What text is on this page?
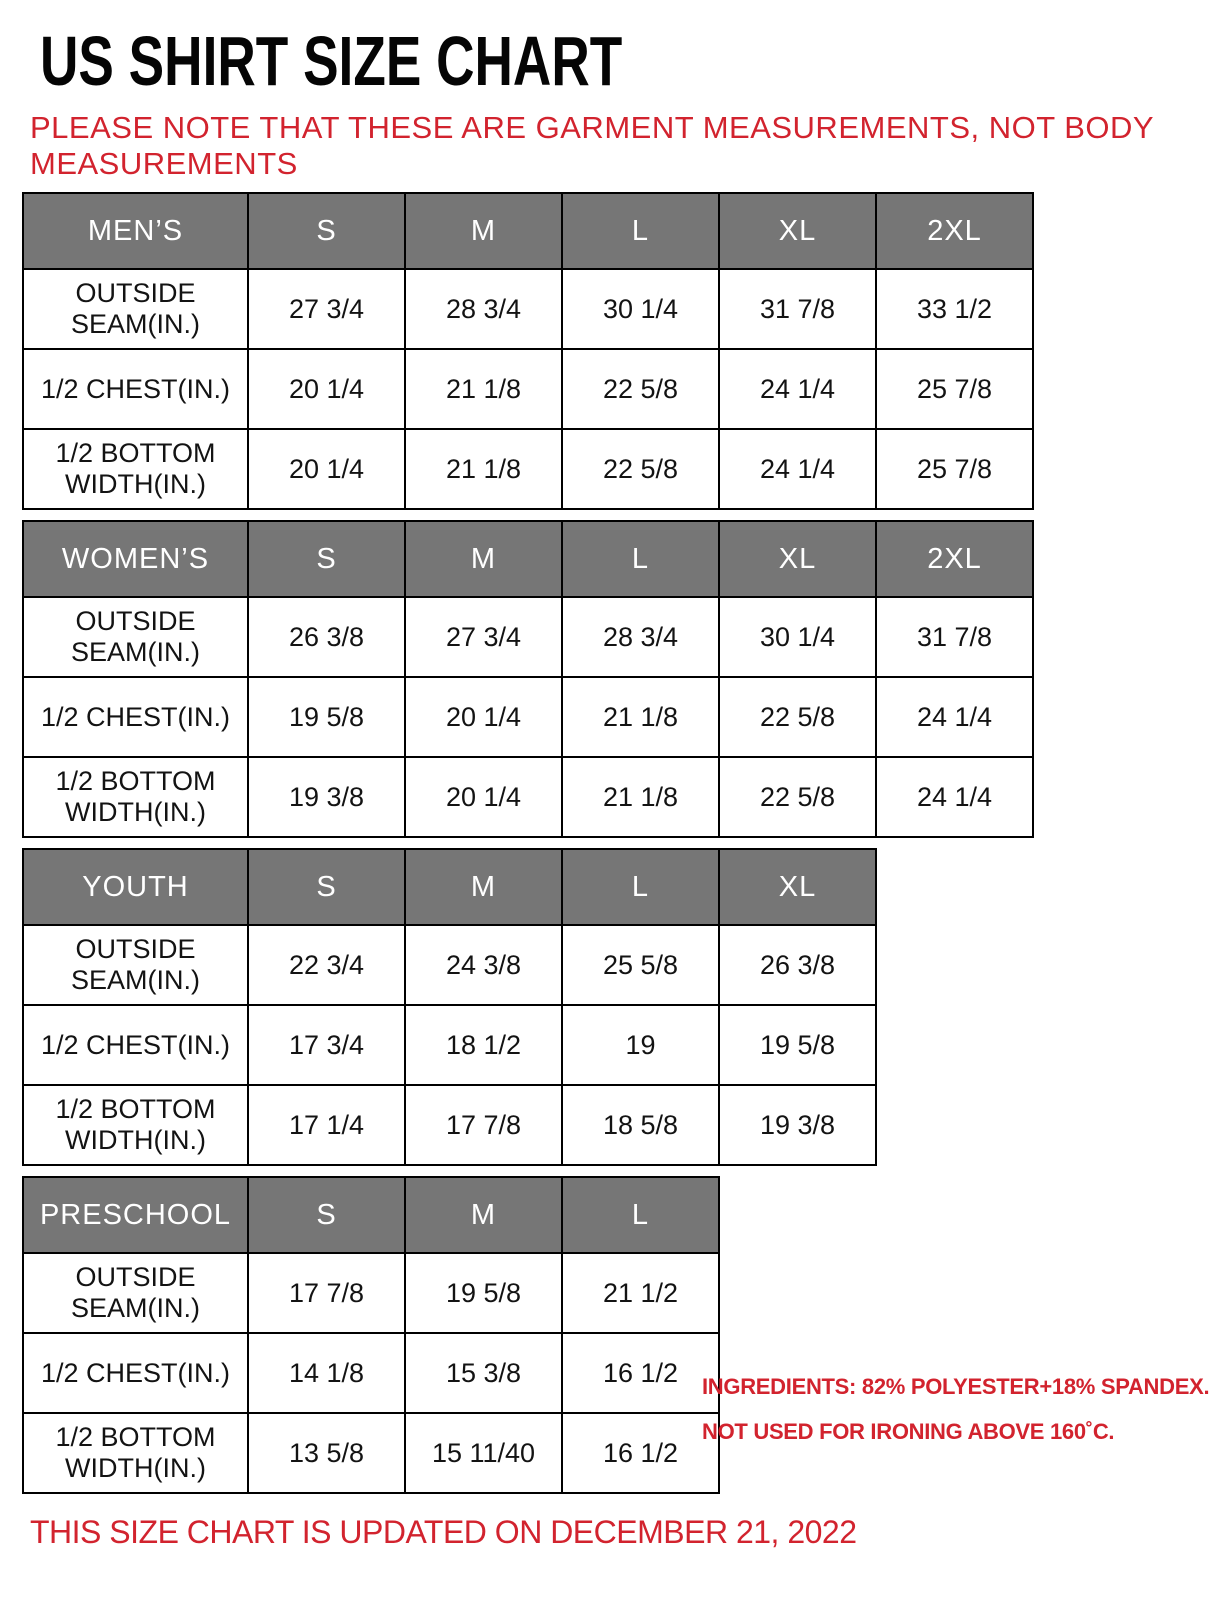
US SHIRT SIZE CHART
PLEASE NOTE THAT THESE ARE GARMENT MEASUREMENTS, NOT BODY
MEASUREMENTS
MEN’S	S	M	L	XL	2XL
OUTSIDE SEAM(IN.)	27 3/4	28 3/4	30 1/4	31 7/8	33 1/2
1/2 CHEST(IN.)	20 1/4	21 1/8	22 5/8	24 1/4	25 7/8
1/2 BOTTOM WIDTH(IN.)	20 1/4	21 1/8	22 5/8	24 1/4	25 7/8
WOMEN’S	S	M	L	XL	2XL
OUTSIDE SEAM(IN.)	26 3/8	27 3/4	28 3/4	30 1/4	31 7/8
1/2 CHEST(IN.)	19 5/8	20 1/4	21 1/8	22 5/8	24 1/4
1/2 BOTTOM WIDTH(IN.)	19 3/8	20 1/4	21 1/8	22 5/8	24 1/4
YOUTH	S	M	L	XL
OUTSIDE SEAM(IN.)	22 3/4	24 3/8	25 5/8	26 3/8
1/2 CHEST(IN.)	17 3/4	18 1/2	19	19 5/8
1/2 BOTTOM WIDTH(IN.)	17 1/4	17 7/8	18 5/8	19 3/8
PRESCHOOL	S	M	L
OUTSIDE SEAM(IN.)	17 7/8	19 5/8	21 1/2
1/2 CHEST(IN.)	14 1/8	15 3/8	16 1/2
1/2 BOTTOM WIDTH(IN.)	13 5/8	15 11/40	16 1/2
INGREDIENTS: 82% POLYESTER+18% SPANDEX.
NOT USED FOR IRONING ABOVE 160˚C.
THIS SIZE CHART IS UPDATED ON DECEMBER 21, 2022
